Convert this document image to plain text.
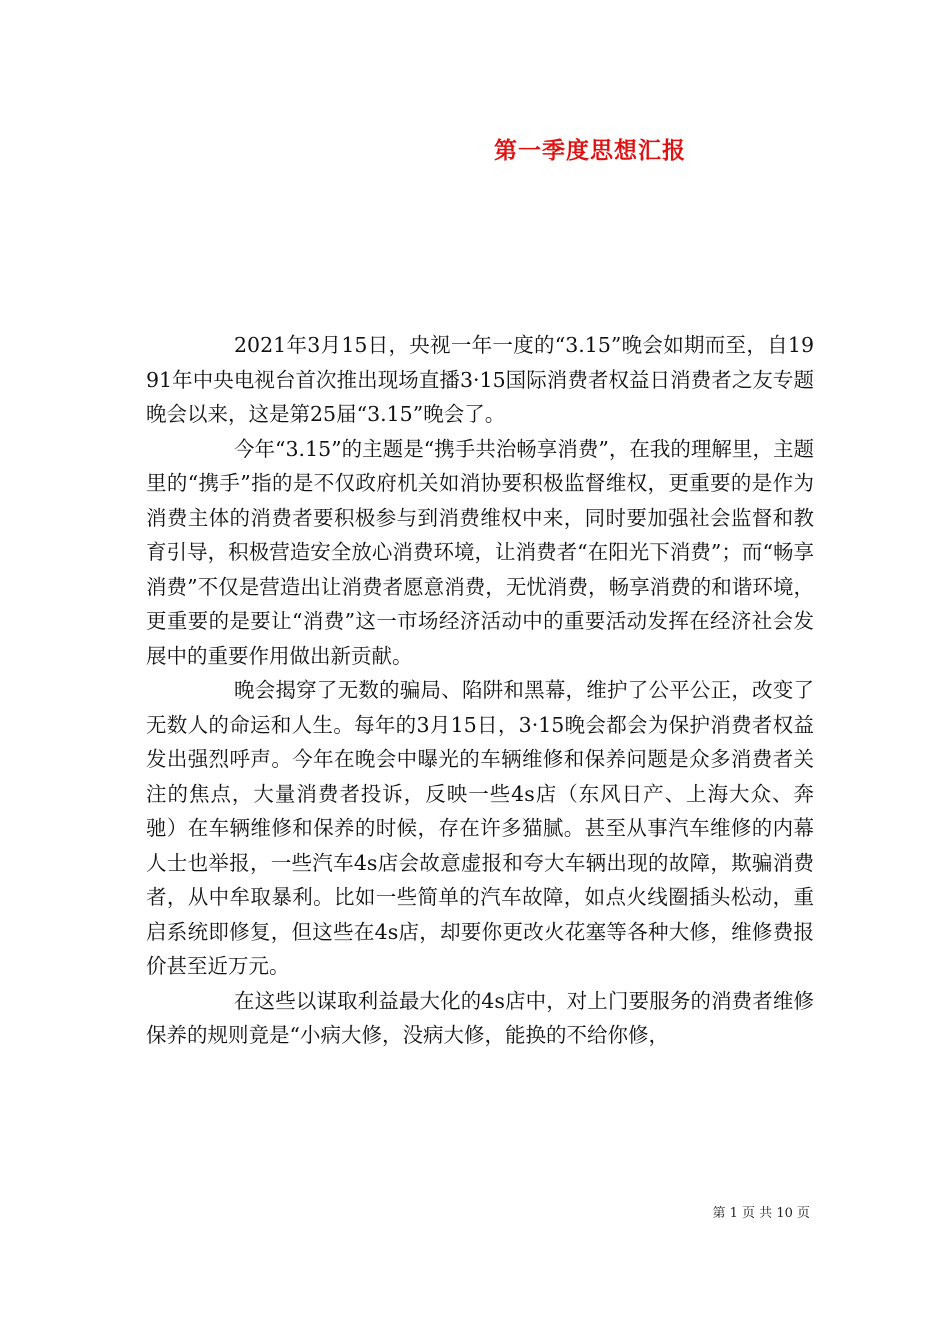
第一季度思想汇报

2021年3月15日，央视一年一度的“3.15”晚会如期而至，自1991年中央电视台首次推出现场直播3·15国际消费者权益日消费者之友专题晚会以来，这是第25届“3.15”晚会了。

今年“3.15”的主题是“携手共治畅享消费”，在我的理解里，主题里的“携手”指的是不仅政府机关如消协要积极监督维权，更重要的是作为消费主体的消费者要积极参与到消费维权中来，同时要加强社会监督和教育引导，积极营造安全放心消费环境，让消费者“在阳光下消费”；而“畅享消费”不仅是营造出让消费者愿意消费，无忧消费，畅享消费的和谐环境，更重要的是要让“消费”这一市场经济活动中的重要活动发挥在经济社会发展中的重要作用做出新贡献。

晚会揭穿了无数的骗局、陷阱和黑幕，维护了公平公正，改变了无数人的命运和人生。每年的3月15日，3·15晚会都会为保护消费者权益发出强烈呼声。今年在晚会中曝光的车辆维修和保养问题是众多消费者关注的焦点，大量消费者投诉，反映一些4s店（东风日产、上海大众、奔驰）在车辆维修和保养的时候，存在许多猫腻。甚至从事汽车维修的内幕人士也举报，一些汽车4s店会故意虚报和夸大车辆出现的故障，欺骗消费者，从中牟取暴利。比如一些简单的汽车故障，如点火线圈插头松动，重启系统即修复，但这些在4s店，却要你更改火花塞等各种大修，维修费报价甚至近万元。

在这些以谋取利益最大化的4s店中，对上门要服务的消费者维修保养的规则竟是“小病大修，没病大修，能换的不给你修，

第 1 页 共 10 页
